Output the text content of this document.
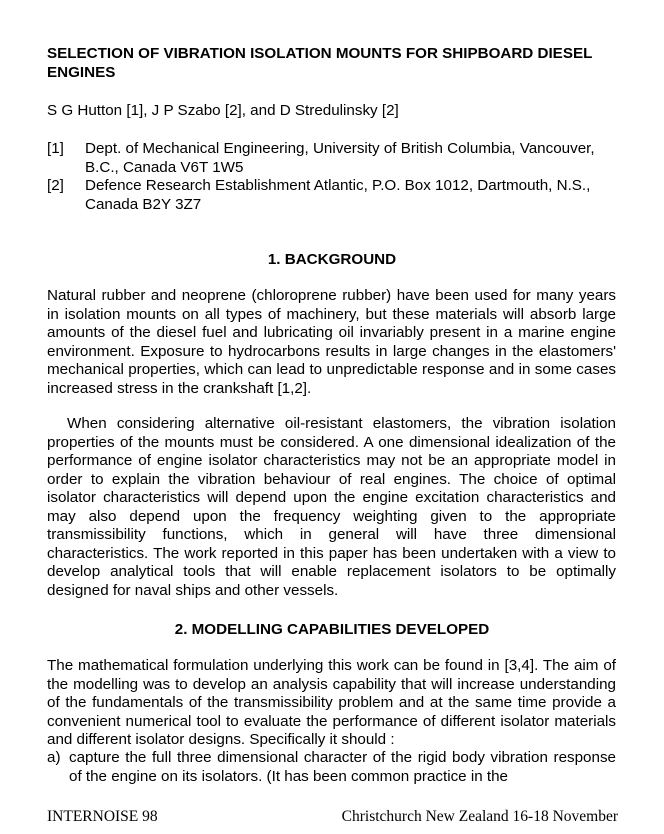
SELECTION OF VIBRATION ISOLATION MOUNTS FOR SHIPBOARD DIESEL ENGINES
S G Hutton [1], J P Szabo [2], and D Stredulinsky [2]
[1] Dept. of Mechanical Engineering, University of British Columbia, Vancouver, B.C., Canada V6T 1W5
[2] Defence Research Establishment Atlantic, P.O. Box 1012, Dartmouth, N.S., Canada B2Y 3Z7
1. BACKGROUND
Natural rubber and neoprene (chloroprene rubber) have been used for many years in isolation mounts on all types of machinery, but these materials will absorb large amounts of the diesel fuel and lubricating oil invariably present in a marine engine environment. Exposure to hydrocarbons results in large changes in the elastomers' mechanical properties, which can lead to unpredictable response and in some cases increased stress in the crankshaft [1,2].
When considering alternative oil-resistant elastomers, the vibration isolation properties of the mounts must be considered. A one dimensional idealization of the performance of engine isolator characteristics may not be an appropriate model in order to explain the vibration behaviour of real engines. The choice of optimal isolator characteristics will depend upon the engine excitation characteristics and may also depend upon the frequency weighting given to the appropriate transmissibility functions, which in general will have three dimensional characteristics. The work reported in this paper has been undertaken with a view to develop analytical tools that will enable replacement isolators to be optimally designed for naval ships and other vessels.
2. MODELLING CAPABILITIES DEVELOPED
The mathematical formulation underlying this work can be found in [3,4]. The aim of the modelling was to develop an analysis capability that will increase understanding of the fundamentals of the transmissibility problem and at the same time provide a convenient numerical tool to evaluate the performance of different isolator materials and different isolator designs. Specifically it should :
a) capture the full three dimensional character of the rigid body vibration response of the engine on its isolators. (It has been common practice in the
INTERNOISE 98	Christchurch New Zealand 16-18 November
